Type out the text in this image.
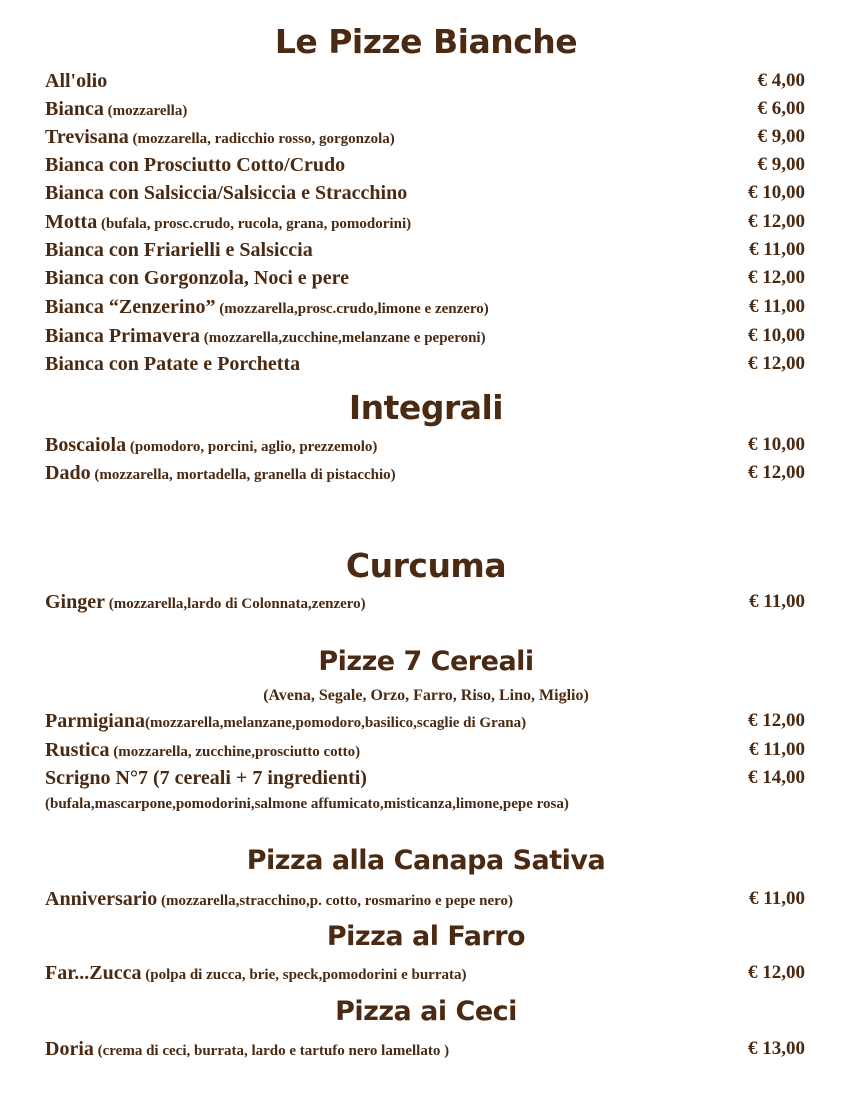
Le Pizze Bianche
All'olio	€ 4,00
Bianca (mozzarella)	€ 6,00
Trevisana (mozzarella, radicchio rosso, gorgonzola)	€ 9,00
Bianca con Prosciutto Cotto/Crudo	€ 9,00
Bianca con Salsiccia/Salsiccia e Stracchino	€ 10,00
Motta (bufala, prosc.crudo, rucola, grana, pomodorini)	€ 12,00
Bianca con Friarielli e Salsiccia	€ 11,00
Bianca con Gorgonzola, Noci e pere	€ 12,00
Bianca “Zenzerino” (mozzarella,prosc.crudo,limone e zenzero)	€ 11,00
Bianca Primavera (mozzarella,zucchine,melanzane e peperoni)	€ 10,00
Bianca con Patate e Porchetta	€ 12,00
Integrali
Boscaiola (pomodoro, porcini, aglio, prezzemolo)	€ 10,00
Dado (mozzarella, mortadella, granella di pistacchio)	€ 12,00
Curcuma
Ginger (mozzarella,lardo di Colonnata,zenzero)	€ 11,00
Pizze 7 Cereali
(Avena, Segale, Orzo, Farro, Riso, Lino, Miglio)
Parmigiana(mozzarella,melanzane,pomodoro,basilico,scaglie di Grana)	€ 12,00
Rustica (mozzarella, zucchine,prosciutto cotto)	€ 11,00
Scrigno N°7 (7 cereali + 7 ingredienti)	€ 14,00
(bufala,mascarpone,pomodorini,salmone affumicato,misticanza,limone,pepe rosa)
Pizza alla Canapa Sativa
Anniversario (mozzarella,stracchino,p. cotto, rosmarino e pepe nero)	€ 11,00
Pizza al Farro
Far...Zucca (polpa di zucca, brie, speck,pomodorini e burrata)	€ 12,00
Pizza ai Ceci
Doria (crema di ceci, burrata, lardo e tartufo nero lamellato )	€ 13,00
